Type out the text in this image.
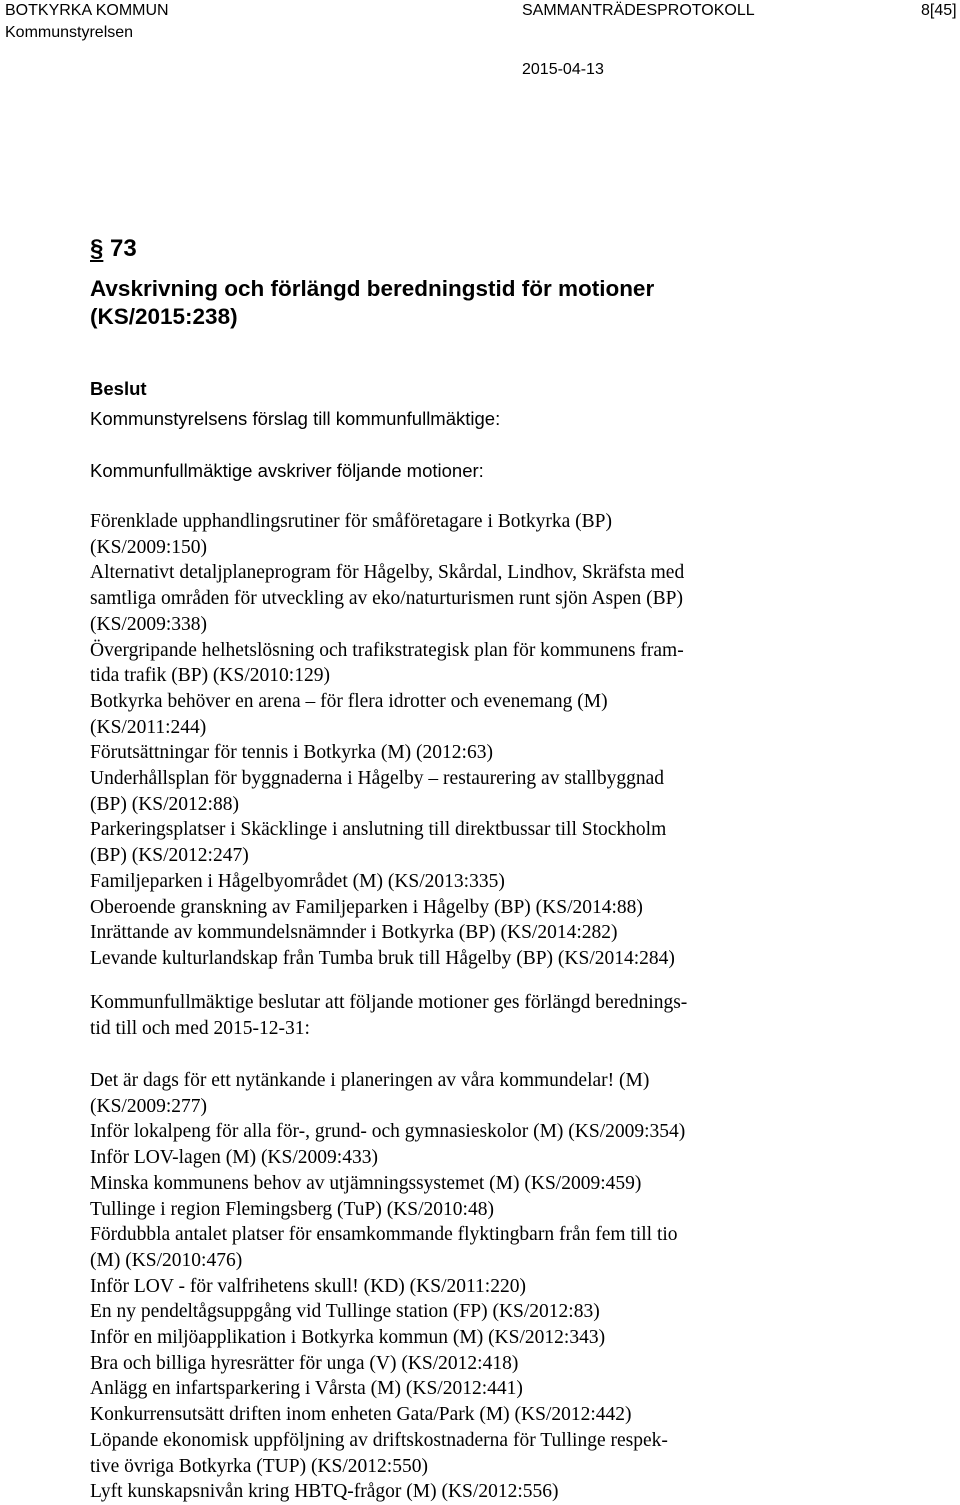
BOTKYRKA KOMMUN
Kommunstyrelsen
SAMMANTRÄDESPROTOKOLL	8[45]
2015-04-13
§ 73
Avskrivning och förlängd beredningstid för motioner
(KS/2015:238)
Beslut
Kommunstyrelsens förslag till kommunfullmäktige:
Kommunfullmäktige avskriver följande motioner:
Förenklade upphandlingsrutiner för småföretagare i Botkyrka (BP)
(KS/2009:150)
Alternativt detaljplaneprogram för Hågelby, Skårdal, Lindhov, Skräfsta med
samtliga områden för utveckling av eko/naturturismen runt sjön Aspen (BP)
(KS/2009:338)
Övergripande helhetslösning och trafikstrategisk plan för kommunens fram-
tida trafik (BP) (KS/2010:129)
Botkyrka behöver en arena – för flera idrotter och evenemang (M)
(KS/2011:244)
Förutsättningar för tennis i Botkyrka (M) (2012:63)
Underhållsplan för byggnaderna i Hågelby – restaurering av stallbyggnad
(BP) (KS/2012:88)
Parkeringsplatser i Skäcklinge i anslutning till direktbussar till Stockholm
(BP) (KS/2012:247)
Familjeparken i Hågelbyområdet (M) (KS/2013:335)
Oberoende granskning av Familjeparken i Hågelby (BP) (KS/2014:88)
Inrättande av kommundelsnämnder i Botkyrka (BP) (KS/2014:282)
Levande kulturlandskap från Tumba bruk till Hågelby (BP) (KS/2014:284)
Kommunfullmäktige beslutar att följande motioner ges förlängd berednings-
tid till och med 2015-12-31:
Det är dags för ett nytänkande i planeringen av våra kommundelar! (M)
(KS/2009:277)
Inför lokalpeng för alla för-, grund- och gymnasieskolor (M) (KS/2009:354)
Inför LOV-lagen (M) (KS/2009:433)
Minska kommunens behov av utjämningssystemet (M) (KS/2009:459)
Tullinge i region Flemingsberg (TuP) (KS/2010:48)
Fördubbla antalet platser för ensamkommande flyktingbarn från fem till tio
(M) (KS/2010:476)
Inför LOV - för valfrihetens skull! (KD) (KS/2011:220)
En ny pendeltågsuppgång vid Tullinge station (FP) (KS/2012:83)
Inför en miljöapplikation i Botkyrka kommun (M) (KS/2012:343)
Bra och billiga hyresrätter för unga (V) (KS/2012:418)
Anlägg en infartsparkering i Vårsta (M) (KS/2012:441)
Konkurrensutsätt driften inom enheten Gata/Park (M) (KS/2012:442)
Löpande ekonomisk uppföljning av driftskostnaderna för Tullinge respek-
tive övriga Botkyrka (TUP) (KS/2012:550)
Lyft kunskapsnivån kring HBTQ-frågor (M) (KS/2012:556)
